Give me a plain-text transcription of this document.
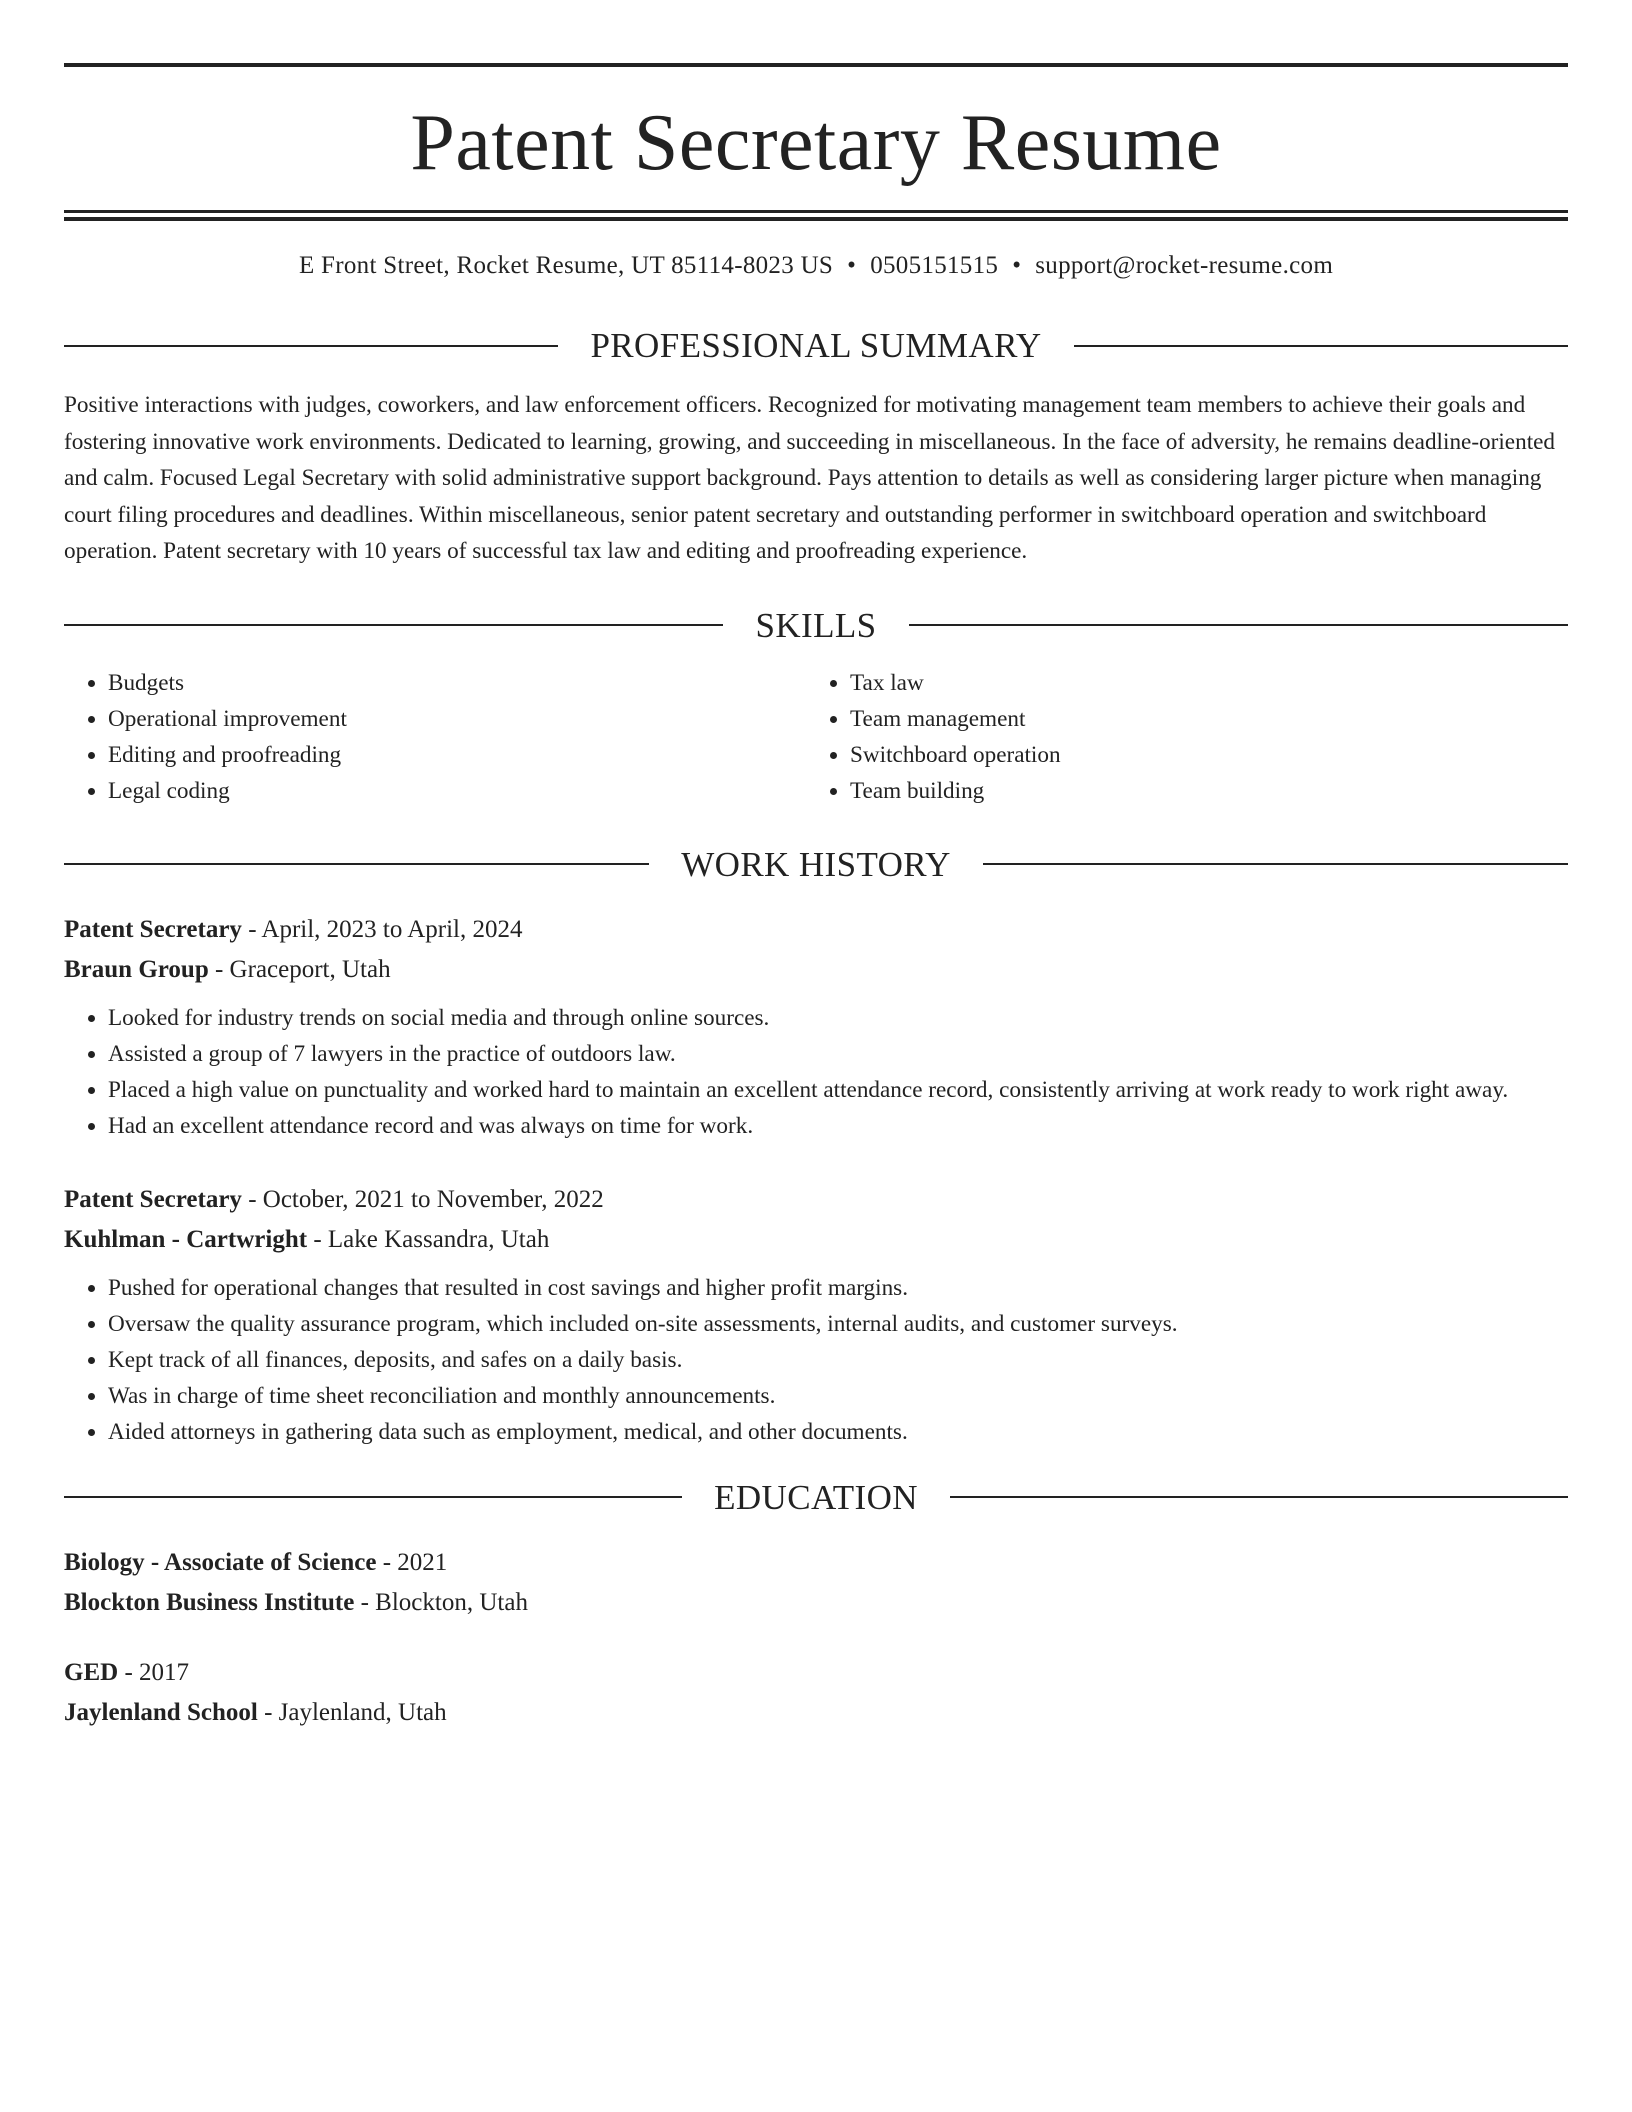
Patent Secretary Resume
E Front Street, Rocket Resume, UT 85114-8023 US • 0505151515 • support@rocket-resume.com
PROFESSIONAL SUMMARY
Positive interactions with judges, coworkers, and law enforcement officers. Recognized for motivating management team members to achieve their goals and fostering innovative work environments. Dedicated to learning, growing, and succeeding in miscellaneous. In the face of adversity, he remains deadline-oriented and calm. Focused Legal Secretary with solid administrative support background. Pays attention to details as well as considering larger picture when managing court filing procedures and deadlines. Within miscellaneous, senior patent secretary and outstanding performer in switchboard operation and switchboard operation. Patent secretary with 10 years of successful tax law and editing and proofreading experience.
SKILLS
• Budgets
• Operational improvement
• Editing and proofreading
• Legal coding
• Tax law
• Team management
• Switchboard operation
• Team building
WORK HISTORY
Patent Secretary - April, 2023 to April, 2024
Braun Group - Graceport, Utah
• Looked for industry trends on social media and through online sources.
• Assisted a group of 7 lawyers in the practice of outdoors law.
• Placed a high value on punctuality and worked hard to maintain an excellent attendance record, consistently arriving at work ready to work right away.
• Had an excellent attendance record and was always on time for work.
Patent Secretary - October, 2021 to November, 2022
Kuhlman - Cartwright - Lake Kassandra, Utah
• Pushed for operational changes that resulted in cost savings and higher profit margins.
• Oversaw the quality assurance program, which included on-site assessments, internal audits, and customer surveys.
• Kept track of all finances, deposits, and safes on a daily basis.
• Was in charge of time sheet reconciliation and monthly announcements.
• Aided attorneys in gathering data such as employment, medical, and other documents.
EDUCATION
Biology - Associate of Science - 2021
Blockton Business Institute - Blockton, Utah
GED - 2017
Jaylenland School - Jaylenland, Utah
